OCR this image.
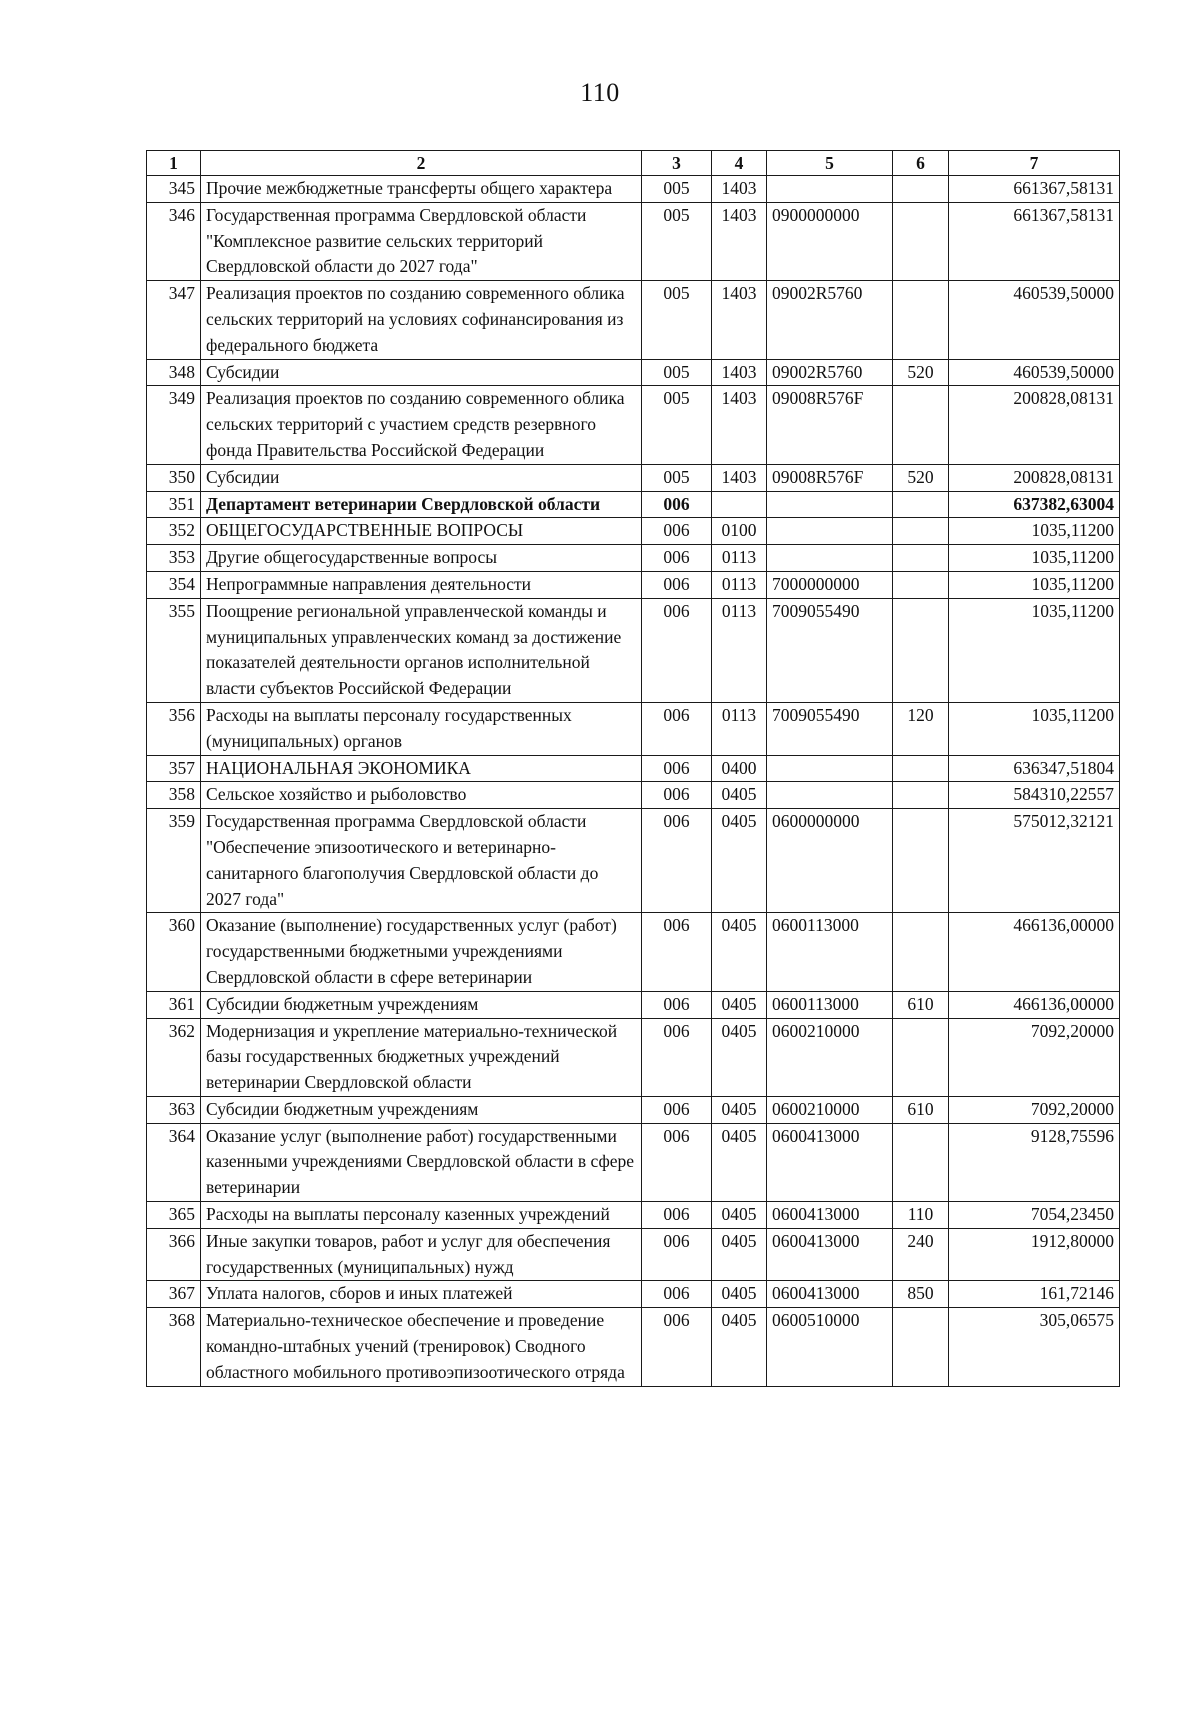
110
1	2	3	4	5	6	7
345	Прочие межбюджетные трансферты общего характера	005	1403			661367,58131
346	Государственная программа Свердловской области "Комплексное развитие сельских территорий Свердловской области до 2027 года"	005	1403	0900000000		661367,58131
347	Реализация проектов по созданию современного облика сельских территорий на условиях софинансирования из федерального бюджета	005	1403	09002R5760		460539,50000
348	Субсидии	005	1403	09002R5760	520	460539,50000
349	Реализация проектов по созданию современного облика сельских территорий с участием средств резервного фонда Правительства Российской Федерации	005	1403	09008R576F		200828,08131
350	Субсидии	005	1403	09008R576F	520	200828,08131
351	Департамент ветеринарии Свердловской области	006				637382,63004
352	ОБЩЕГОСУДАРСТВЕННЫЕ ВОПРОСЫ	006	0100			1035,11200
353	Другие общегосударственные вопросы	006	0113			1035,11200
354	Непрограммные направления деятельности	006	0113	7000000000		1035,11200
355	Поощрение региональной управленческой команды и муниципальных управленческих команд за достижение показателей деятельности органов исполнительной власти субъектов Российской Федерации	006	0113	7009055490		1035,11200
356	Расходы на выплаты персоналу государственных (муниципальных) органов	006	0113	7009055490	120	1035,11200
357	НАЦИОНАЛЬНАЯ ЭКОНОМИКА	006	0400			636347,51804
358	Сельское хозяйство и рыболовство	006	0405			584310,22557
359	Государственная программа Свердловской области "Обеспечение эпизоотического и ветеринарно-санитарного благополучия Свердловской области до 2027 года"	006	0405	0600000000		575012,32121
360	Оказание (выполнение) государственных услуг (работ) государственными бюджетными учреждениями Свердловской области в сфере ветеринарии	006	0405	0600113000		466136,00000
361	Субсидии бюджетным учреждениям	006	0405	0600113000	610	466136,00000
362	Модернизация и укрепление материально-технической базы государственных бюджетных учреждений ветеринарии Свердловской области	006	0405	0600210000		7092,20000
363	Субсидии бюджетным учреждениям	006	0405	0600210000	610	7092,20000
364	Оказание услуг (выполнение работ) государственными казенными учреждениями Свердловской области в сфере ветеринарии	006	0405	0600413000		9128,75596
365	Расходы на выплаты персоналу казенных учреждений	006	0405	0600413000	110	7054,23450
366	Иные закупки товаров, работ и услуг для обеспечения государственных (муниципальных) нужд	006	0405	0600413000	240	1912,80000
367	Уплата налогов, сборов и иных платежей	006	0405	0600413000	850	161,72146
368	Материально-техническое обеспечение и проведение командно-штабных учений (тренировок) Сводного областного мобильного противоэпизоотического отряда	006	0405	0600510000		305,06575
